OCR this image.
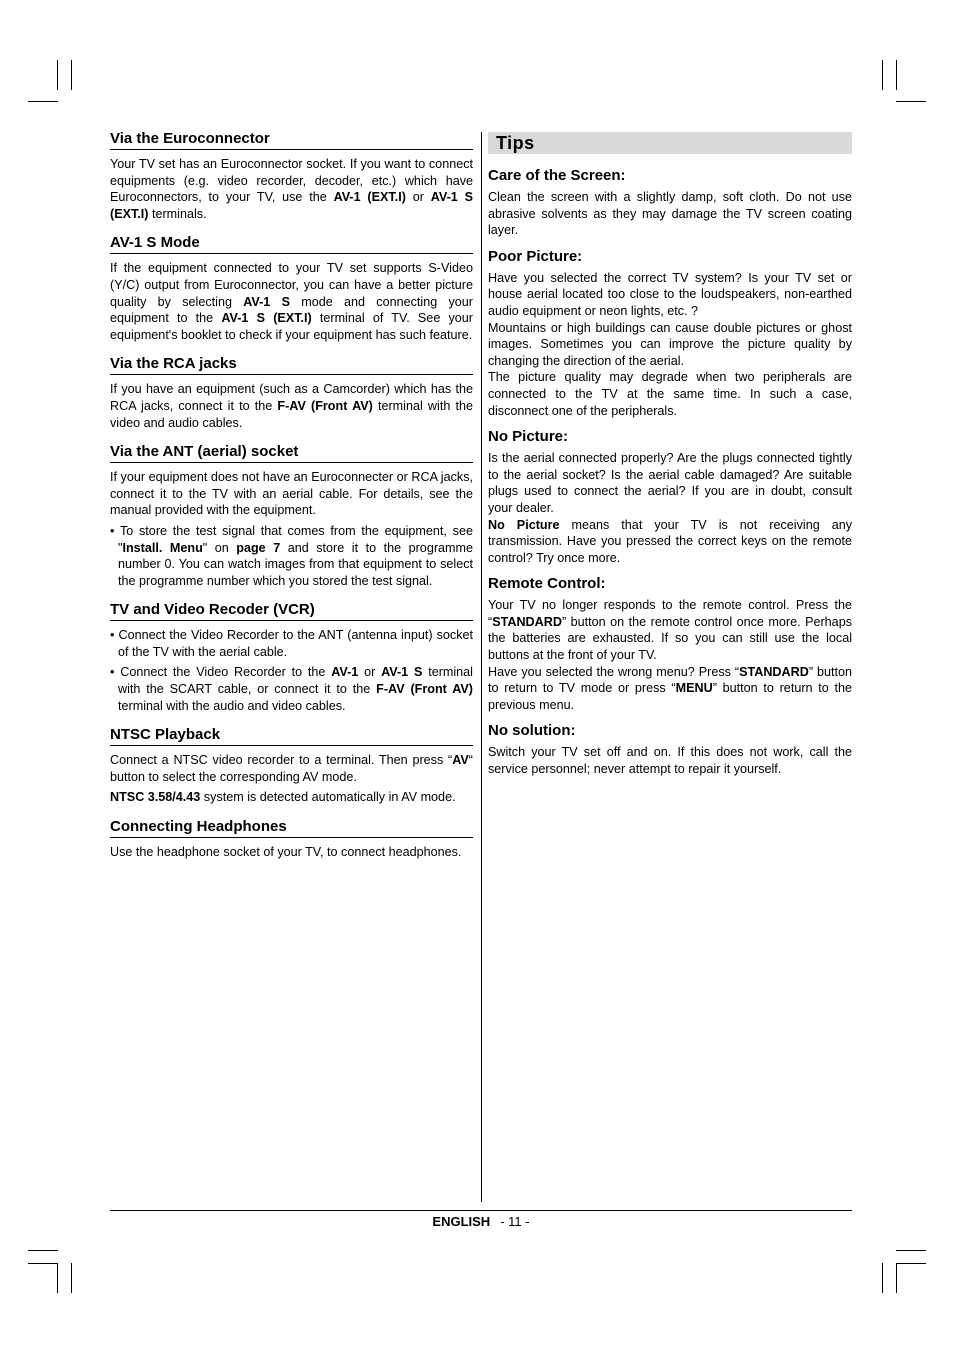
Via the Euroconnector

Your TV set has an Euroconnector socket. If you want to connect equipments (e.g. video recorder, decoder, etc.) which have Euroconnectors, to your TV, use the AV-1 (EXT.I) or AV-1 S (EXT.I) terminals.

AV-1 S Mode

If the equipment connected to your TV set supports S-Video (Y/C) output from Euroconnector, you can have a better picture quality by selecting AV-1 S mode and connecting your equipment to the AV-1 S (EXT.I) terminal of TV. See your equipment's booklet to check if your equipment has such feature.

Via the RCA jacks

If you have an equipment (such as a Camcorder) which has the RCA jacks, connect it to the F-AV (Front AV) terminal with the video and audio cables.

Via the ANT (aerial) socket

If your equipment does not have an Euroconnecter or RCA jacks, connect it to the TV with an aerial cable. For details, see the manual provided with the equipment.

• To store the test signal that comes from the equipment, see "Install. Menu" on page 7 and store it to the programme number 0. You can watch images from that equipment to select the programme number which you stored the test signal.
TV and Video Recoder (VCR)
• Connect the Video Recorder to the ANT (antenna input) socket of the TV with the aerial cable.
• Connect the Video Recorder to the AV-1 or AV-1 S terminal with the SCART cable, or connect it to the F-AV (Front AV) terminal with the audio and video cables.
NTSC Playback

Connect a NTSC video recorder to a terminal. Then press “AV“ button to select the corresponding AV mode.

NTSC 3.58/4.43 system is detected automatically in AV mode.

Connecting Headphones

Use the headphone socket of your TV, to connect headphones.

Tips
Care of the Screen:

Clean the screen with a slightly damp, soft cloth. Do not use abrasive solvents as they may damage the TV screen coating layer.

Poor Picture:

Have you selected the correct TV system? Is your TV set or house aerial located too close to the loudspeakers, non-earthed audio equipment or neon lights, etc. ?

Mountains or high buildings can cause double pictures or ghost images. Sometimes you can improve the picture quality by changing the direction of the aerial.

The picture quality may degrade when two peripherals are connected to the TV at the same time. In such a case, disconnect one of the peripherals.

No Picture:

Is the aerial connected properly? Are the plugs connected tightly to the aerial socket? Is the aerial cable damaged? Are suitable plugs used to connect the aerial? If you are in doubt, consult your dealer.

No Picture means that your TV is not receiving any transmission. Have you pressed the correct keys on the remote control? Try once more.

Remote Control:

Your TV no longer responds to the remote control. Press the “STANDARD” button on the remote control once more. Perhaps the batteries are exhausted. If so you can still use the local buttons at the front of your TV.

Have you selected the wrong menu? Press “STANDARD” button to return to TV mode or press “MENU” button to return to the previous menu.

No solution:

Switch your TV set off and on. If this does not work, call the service personnel; never attempt to repair it yourself.

ENGLISH - 11 -
